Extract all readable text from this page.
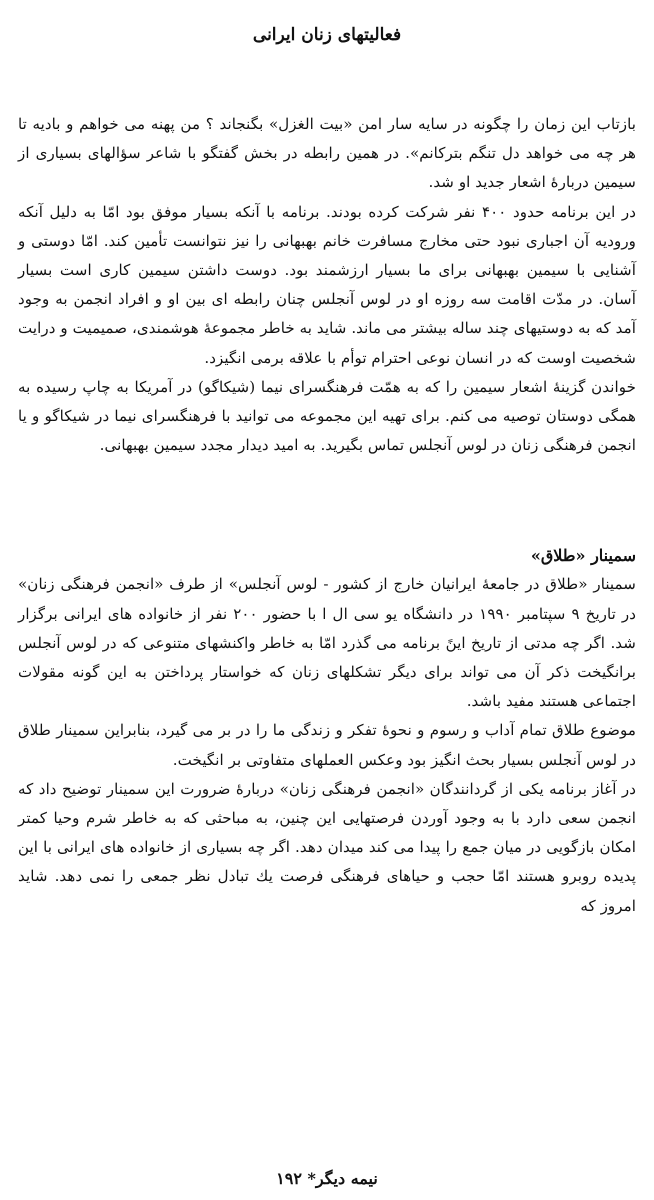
فعالیتهای زنان ایرانی

بازتاب این زمان را چگونه در سایه سار امن «بیت الغزل» بگنجاند ؟ من پهنه می خواهم و بادیه تا هر چه می خواهد دل تنگم بترکانم». در همین رابطه در بخش گفتگو با شاعر سؤالهای بسیاری از سیمین دربارهٔ اشعار جدید او شد.

در این برنامه حدود ۴۰۰ نفر شرکت کرده بودند. برنامه با آنکه بسیار موفق بود امّا به دلیل آنکه ورودیه آن اجباری نبود حتی مخارج مسافرت خانم بهبهانی را نیز نتوانست تأمین کند. امّا دوستی و آشنایی با سیمین بهبهانی برای ما بسیار ارزشمند بود. دوست داشتن سیمین کاری است بسیار آسان. در مدّت اقامت سه روزه او در لوس آنجلس چنان رابطه ای بین او و افراد انجمن به وجود آمد که به دوستیهای چند ساله بیشتر می ماند. شاید به خاطر مجموعهٔ هوشمندی، صمیمیت و درایت شخصیت اوست که در انسان نوعی احترام توأم با علاقه برمی انگیزد.

خواندن گزینهٔ اشعار سیمین را که به همّت فرهنگسرای نیما (شیکاگو) در آمریکا به چاپ رسیده به همگی دوستان توصیه می کنم. برای تهیه این مجموعه می توانید با فرهنگسرای نیما در شیکاگو و یا انجمن فرهنگی زنان در لوس آنجلس تماس بگیرید. به امید دیدار مجدد سیمین بهبهانی.

سمینار «طلاق»

سمینار «طلاق در جامعهٔ ایرانیان خارج از کشور - لوس آنجلس» از طرف «انجمن فرهنگی زنان» در تاریخ ۹ سپتامبر ۱۹۹۰ در دانشگاه یو سی ال ا با حضور ۲۰۰ نفر از خانواده های ایرانی برگزار شد. اگر چه مدتی از تاریخ اینً برنامه می گذرد امّا به خاطر واکنشهای متنوعی که در لوس آنجلس برانگیخت ذکر آن می تواند برای دیگر تشکلهای زنان که خواستار پرداختن به این گونه مقولات اجتماعی هستند مفید باشد.

موضوع طلاق تمام آداب و رسوم و نحوهٔ تفکر و زندگی ما را در بر می گیرد، بنابراین سمینار طلاق در لوس آنجلس بسیار بحث انگیز بود وعکس العملهای متفاوتی بر انگیخت.

در آغاز برنامه یکی از گردانندگان «انجمن فرهنگی زنان» دربارهٔ ضرورت این سمینار توضیح داد که انجمن سعی دارد با به وجود آوردن فرصتهایی این چنین، به مباحثی که به خاطر شرم وحیا کمتر امکان بازگویی در میان جمع را پیدا می کند میدان دهد. اگر چه بسیاری از خانواده های ایرانی با این پدیده روبرو هستند امّا حجب و حیاهای فرهنگی فرصت یك تبادل نظر جمعی را نمی دهد. شاید امروز كه

نیمه دیگر* ۱۹۲
